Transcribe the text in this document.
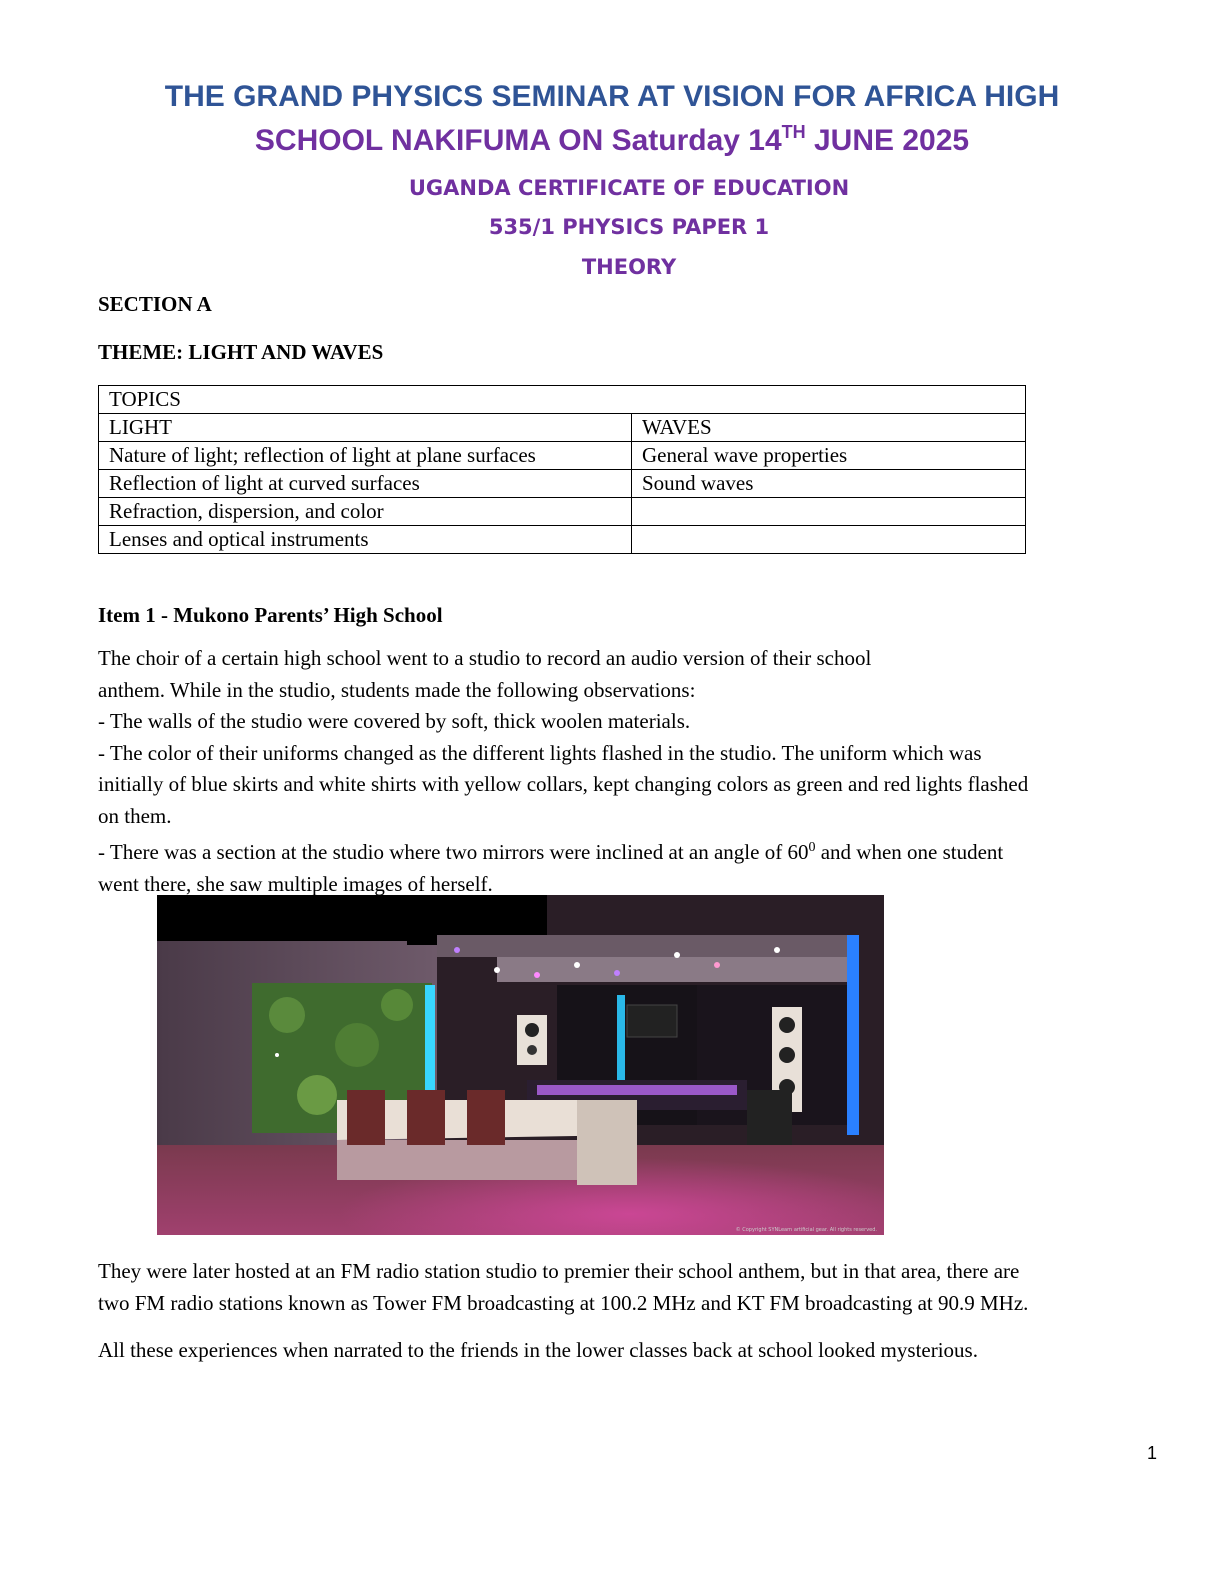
THE GRAND PHYSICS SEMINAR AT VISION FOR AFRICA HIGH
SCHOOL NAKIFUMA ON Saturday 14TH JUNE 2025
UGANDA CERTIFICATE OF EDUCATION
535/1 PHYSICS PAPER 1
THEORY
SECTION A
THEME: LIGHT AND WAVES
TOPICS	
LIGHT	WAVES
Nature of light; reflection of light at plane surfaces	General wave properties
Reflection of light at curved surfaces	Sound waves
Refraction, dispersion, and color	
Lenses and optical instruments	
Item 1 - Mukono Parents’ High School
The choir of a certain high school went to a studio to record an audio version of their school
anthem. While in the studio, students made the following observations:
- The walls of the studio were covered by soft, thick woolen materials.
- The color of their uniforms changed as the different lights flashed in the studio. The uniform which was
initially of blue skirts and white shirts with yellow collars, kept changing colors as green and red lights flashed
on them.
- There was a section at the studio where two mirrors were inclined at an angle of $60^0$ and when one student
went there, she saw multiple images of herself.
© Copyright SYNLearn artificial gear. All rights reserved.
They were later hosted at an FM radio station studio to premier their school anthem, but in that area, there are
two FM radio stations known as Tower FM broadcasting at 100.2 MHz and KT FM broadcasting at 90.9 MHz.
All these experiences when narrated to the friends in the lower classes back at school looked mysterious.
1
